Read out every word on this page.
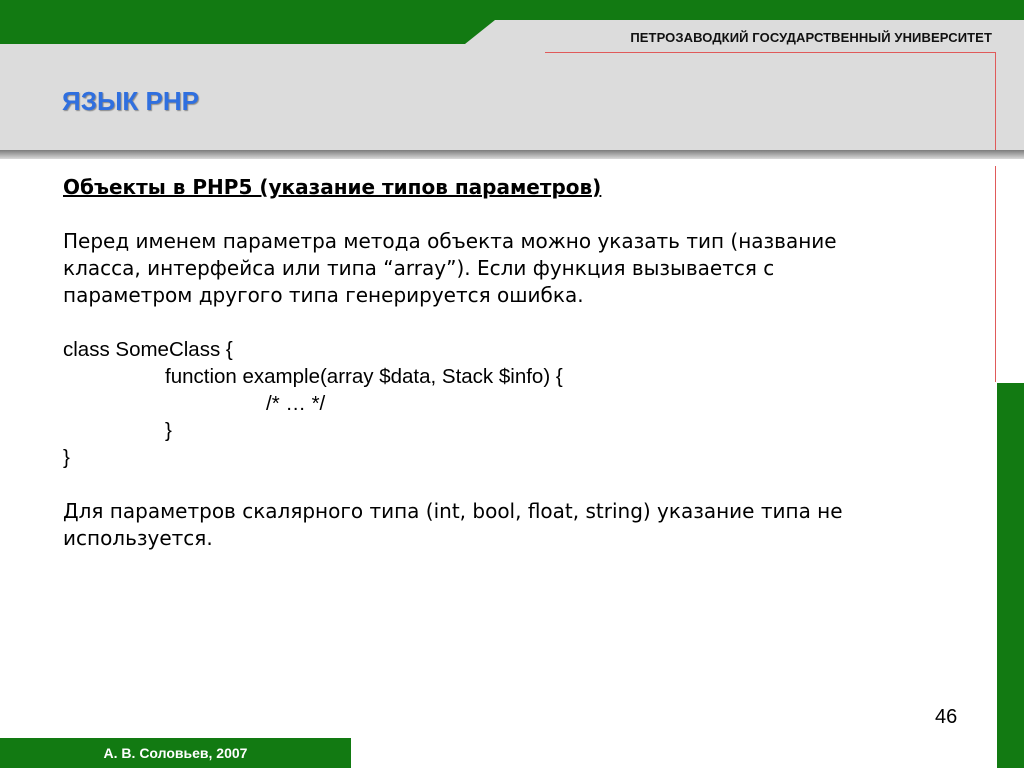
ПЕТРОЗАВОДКИЙ ГОСУДАРСТВЕННЫЙ УНИВЕРСИТЕТ
ЯЗЫК PHP

Объекты в PHP5 (указание типов параметров)

Перед именем параметра метода объекта можно указать тип (название

класса, интерфейса или типа “array”). Если функция вызывается с

параметром другого типа генерируется ошибка.

class SomeClass {

function example(array $data, Stack $info) {

/* … */

}

}

Для параметров скалярного типа (int, bool, float, string) указание типа не

используется.

46
А. В. Соловьев, 2007
